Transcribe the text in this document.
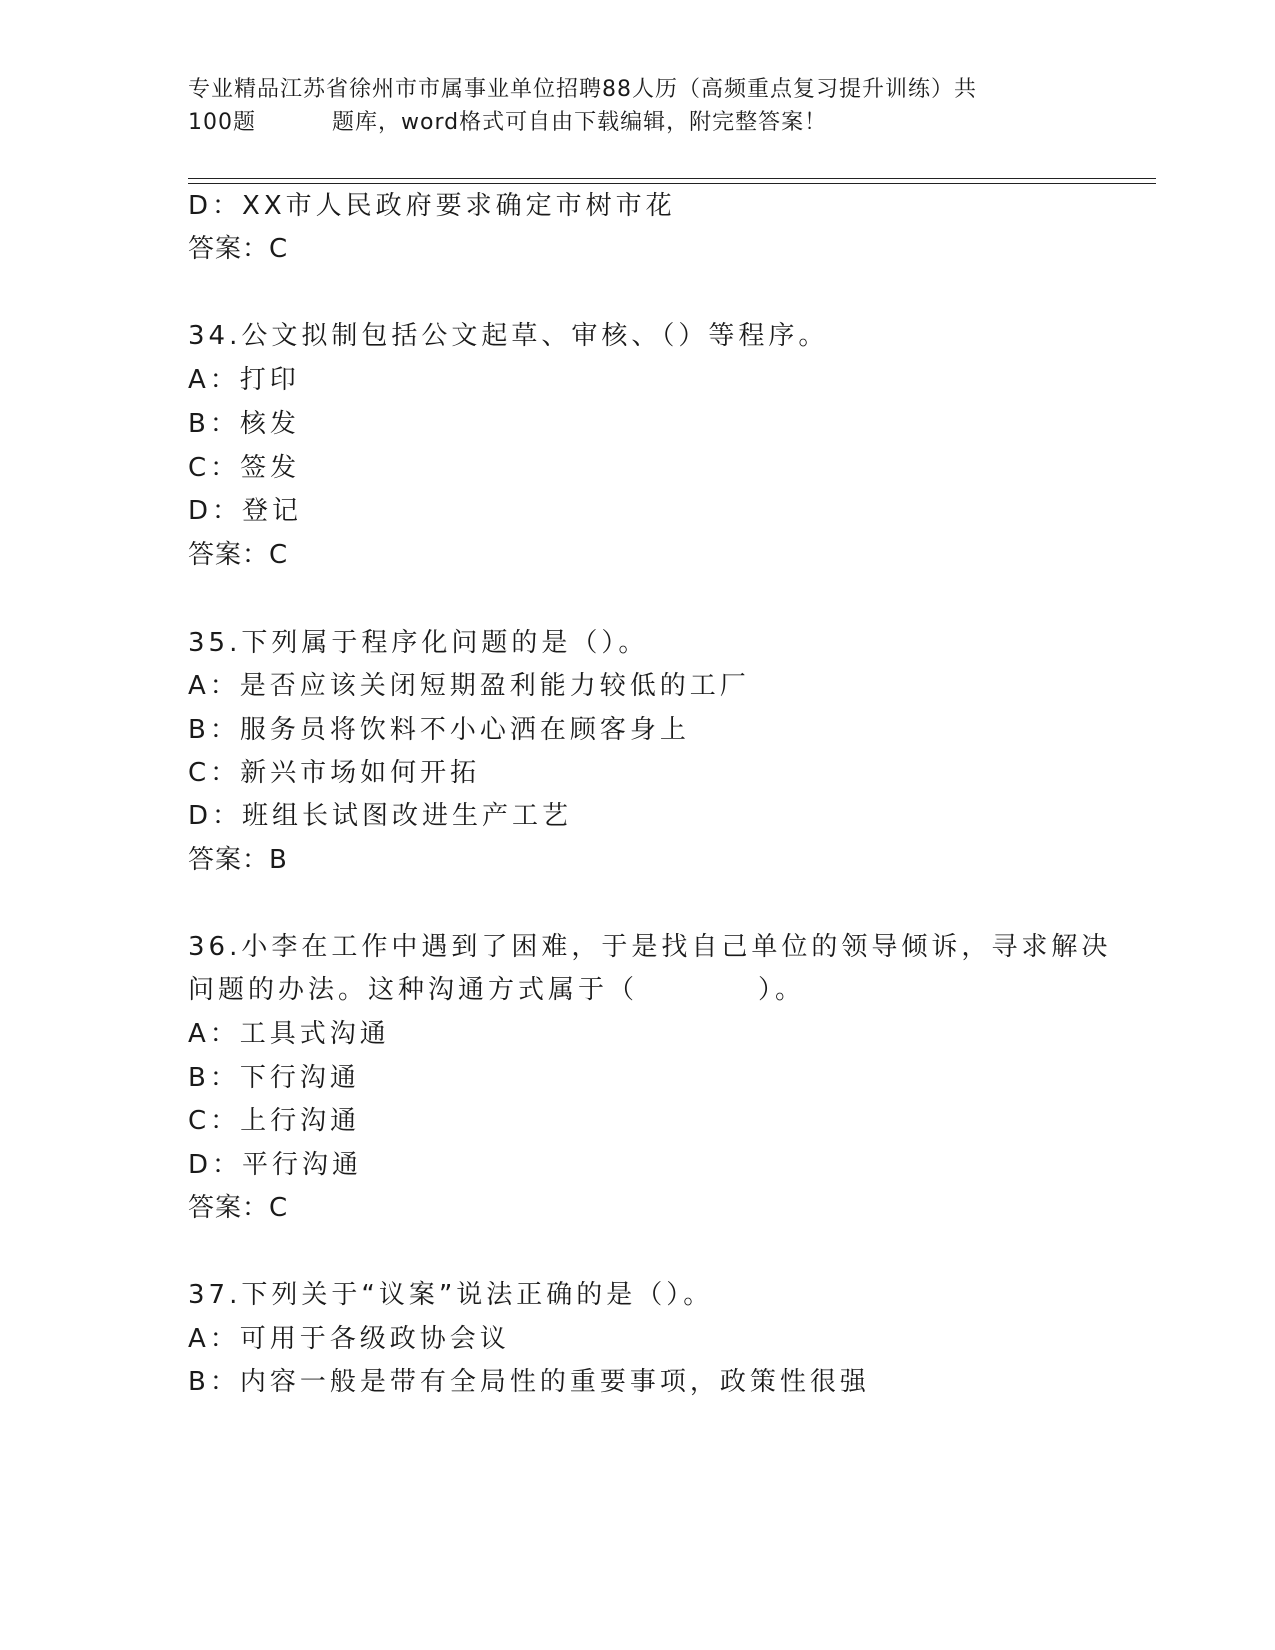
专业精品江苏省徐州市市属事业单位招聘88人历（高频重点复习提升训练）共
100题	题库，word格式可自由下载编辑，附完整答案！
D：XX市人民政府要求确定市树市花
答案：C
34.公文拟制包括公文起草、审核、（）等程序。
A：打印
B：核发
C：签发
D：登记
答案：C
35.下列属于程序化问题的是（）。
A：是否应该关闭短期盈利能力较低的工厂
B：服务员将饮料不小心洒在顾客身上
C：新兴市场如何开拓
D：班组长试图改进生产工艺
答案：B
36.小李在工作中遇到了困难，于是找自己单位的领导倾诉，寻求解决
问题的办法。这种沟通方式属于（　　　　）。
A：工具式沟通
B：下行沟通
C：上行沟通
D：平行沟通
答案：C
37.下列关于“议案”说法正确的是（）。
A：可用于各级政协会议
B：内容一般是带有全局性的重要事项，政策性很强
